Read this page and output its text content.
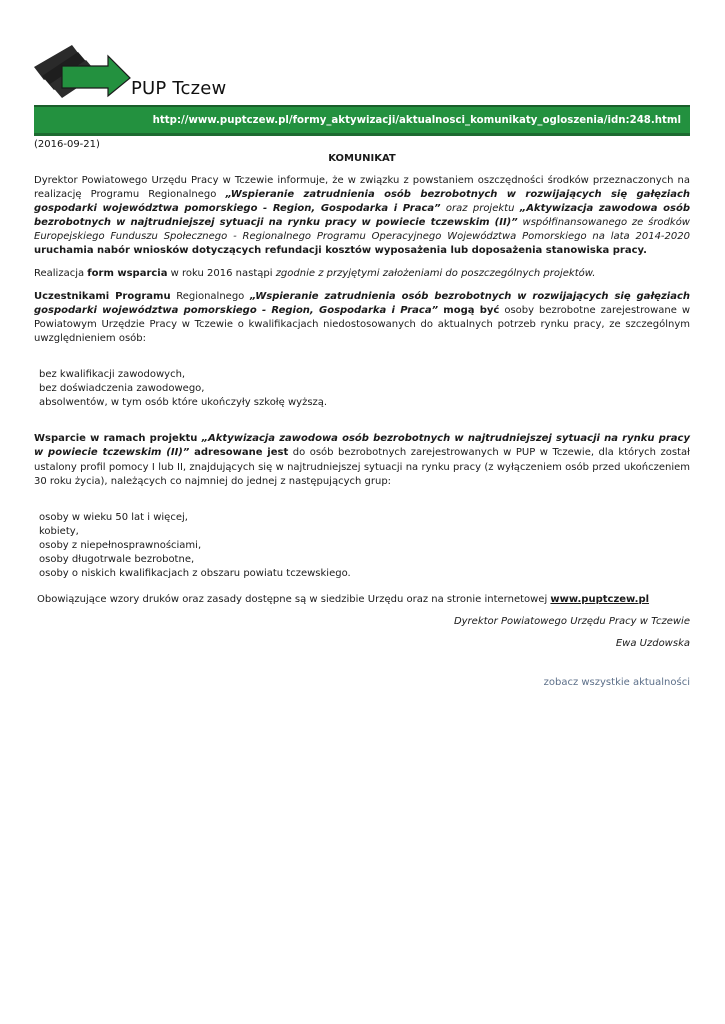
PUP Tczew
http://www.puptczew.pl/formy_aktywizacji/aktualnosci_komunikaty_ogloszenia/idn:248.html
(2016-09-21)
KOMUNIKAT

Dyrektor Powiatowego Urzędu Pracy w Tczewie informuje, że w związku z powstaniem oszczędności środków przeznaczonych na realizację Programu Regionalnego „Wspieranie zatrudnienia osób bezrobotnych w rozwijających się gałęziach gospodarki województwa pomorskiego - Region, Gospodarka i Praca” oraz projektu „Aktywizacja zawodowa osób bezrobotnych w najtrudniejszej sytuacji na rynku pracy w powiecie tczewskim (II)” współfinansowanego ze środków Europejskiego Funduszu Społecznego - Regionalnego Programu Operacyjnego Województwa Pomorskiego na lata 2014-2020 uruchamia nabór wniosków dotyczących refundacji kosztów wyposażenia lub doposażenia stanowiska pracy.

Realizacja form wsparcia w roku 2016 nastąpi zgodnie z przyjętymi założeniami do poszczególnych projektów.

Uczestnikami Programu Regionalnego „Wspieranie zatrudnienia osób bezrobotnych w rozwijających się gałęziach gospodarki województwa pomorskiego - Region, Gospodarka i Praca” mogą być osoby bezrobotne zarejestrowane w Powiatowym Urzędzie Pracy w Tczewie o kwalifikacjach niedostosowanych do aktualnych potrzeb rynku pracy, ze szczególnym uwzględnieniem osób:

bez kwalifikacji zawodowych,
bez doświadczenia zawodowego,
absolwentów, w tym osób które ukończyły szkołę wyższą.

Wsparcie w ramach projektu „Aktywizacja zawodowa osób bezrobotnych w najtrudniejszej sytuacji na rynku pracy w powiecie tczewskim (II)” adresowane jest do osób bezrobotnych zarejestrowanych w PUP w Tczewie, dla których został ustalony profil pomocy I lub II, znajdujących się w najtrudniejszej sytuacji na rynku pracy (z wyłączeniem osób przed ukończeniem 30 roku życia), należących co najmniej do jednej z następujących grup:

osoby w wieku 50 lat i więcej,
kobiety,
osoby z niepełnosprawnościami,
osoby długotrwale bezrobotne,
osoby o niskich kwalifikacjach z obszaru powiatu tczewskiego.

Obowiązujące wzory druków oraz zasady dostępne są w siedzibie Urzędu oraz na stronie internetowej www.puptczew.pl

Dyrektor Powiatowego Urzędu Pracy w Tczewie

Ewa Uzdowska

zobacz wszystkie aktualności
